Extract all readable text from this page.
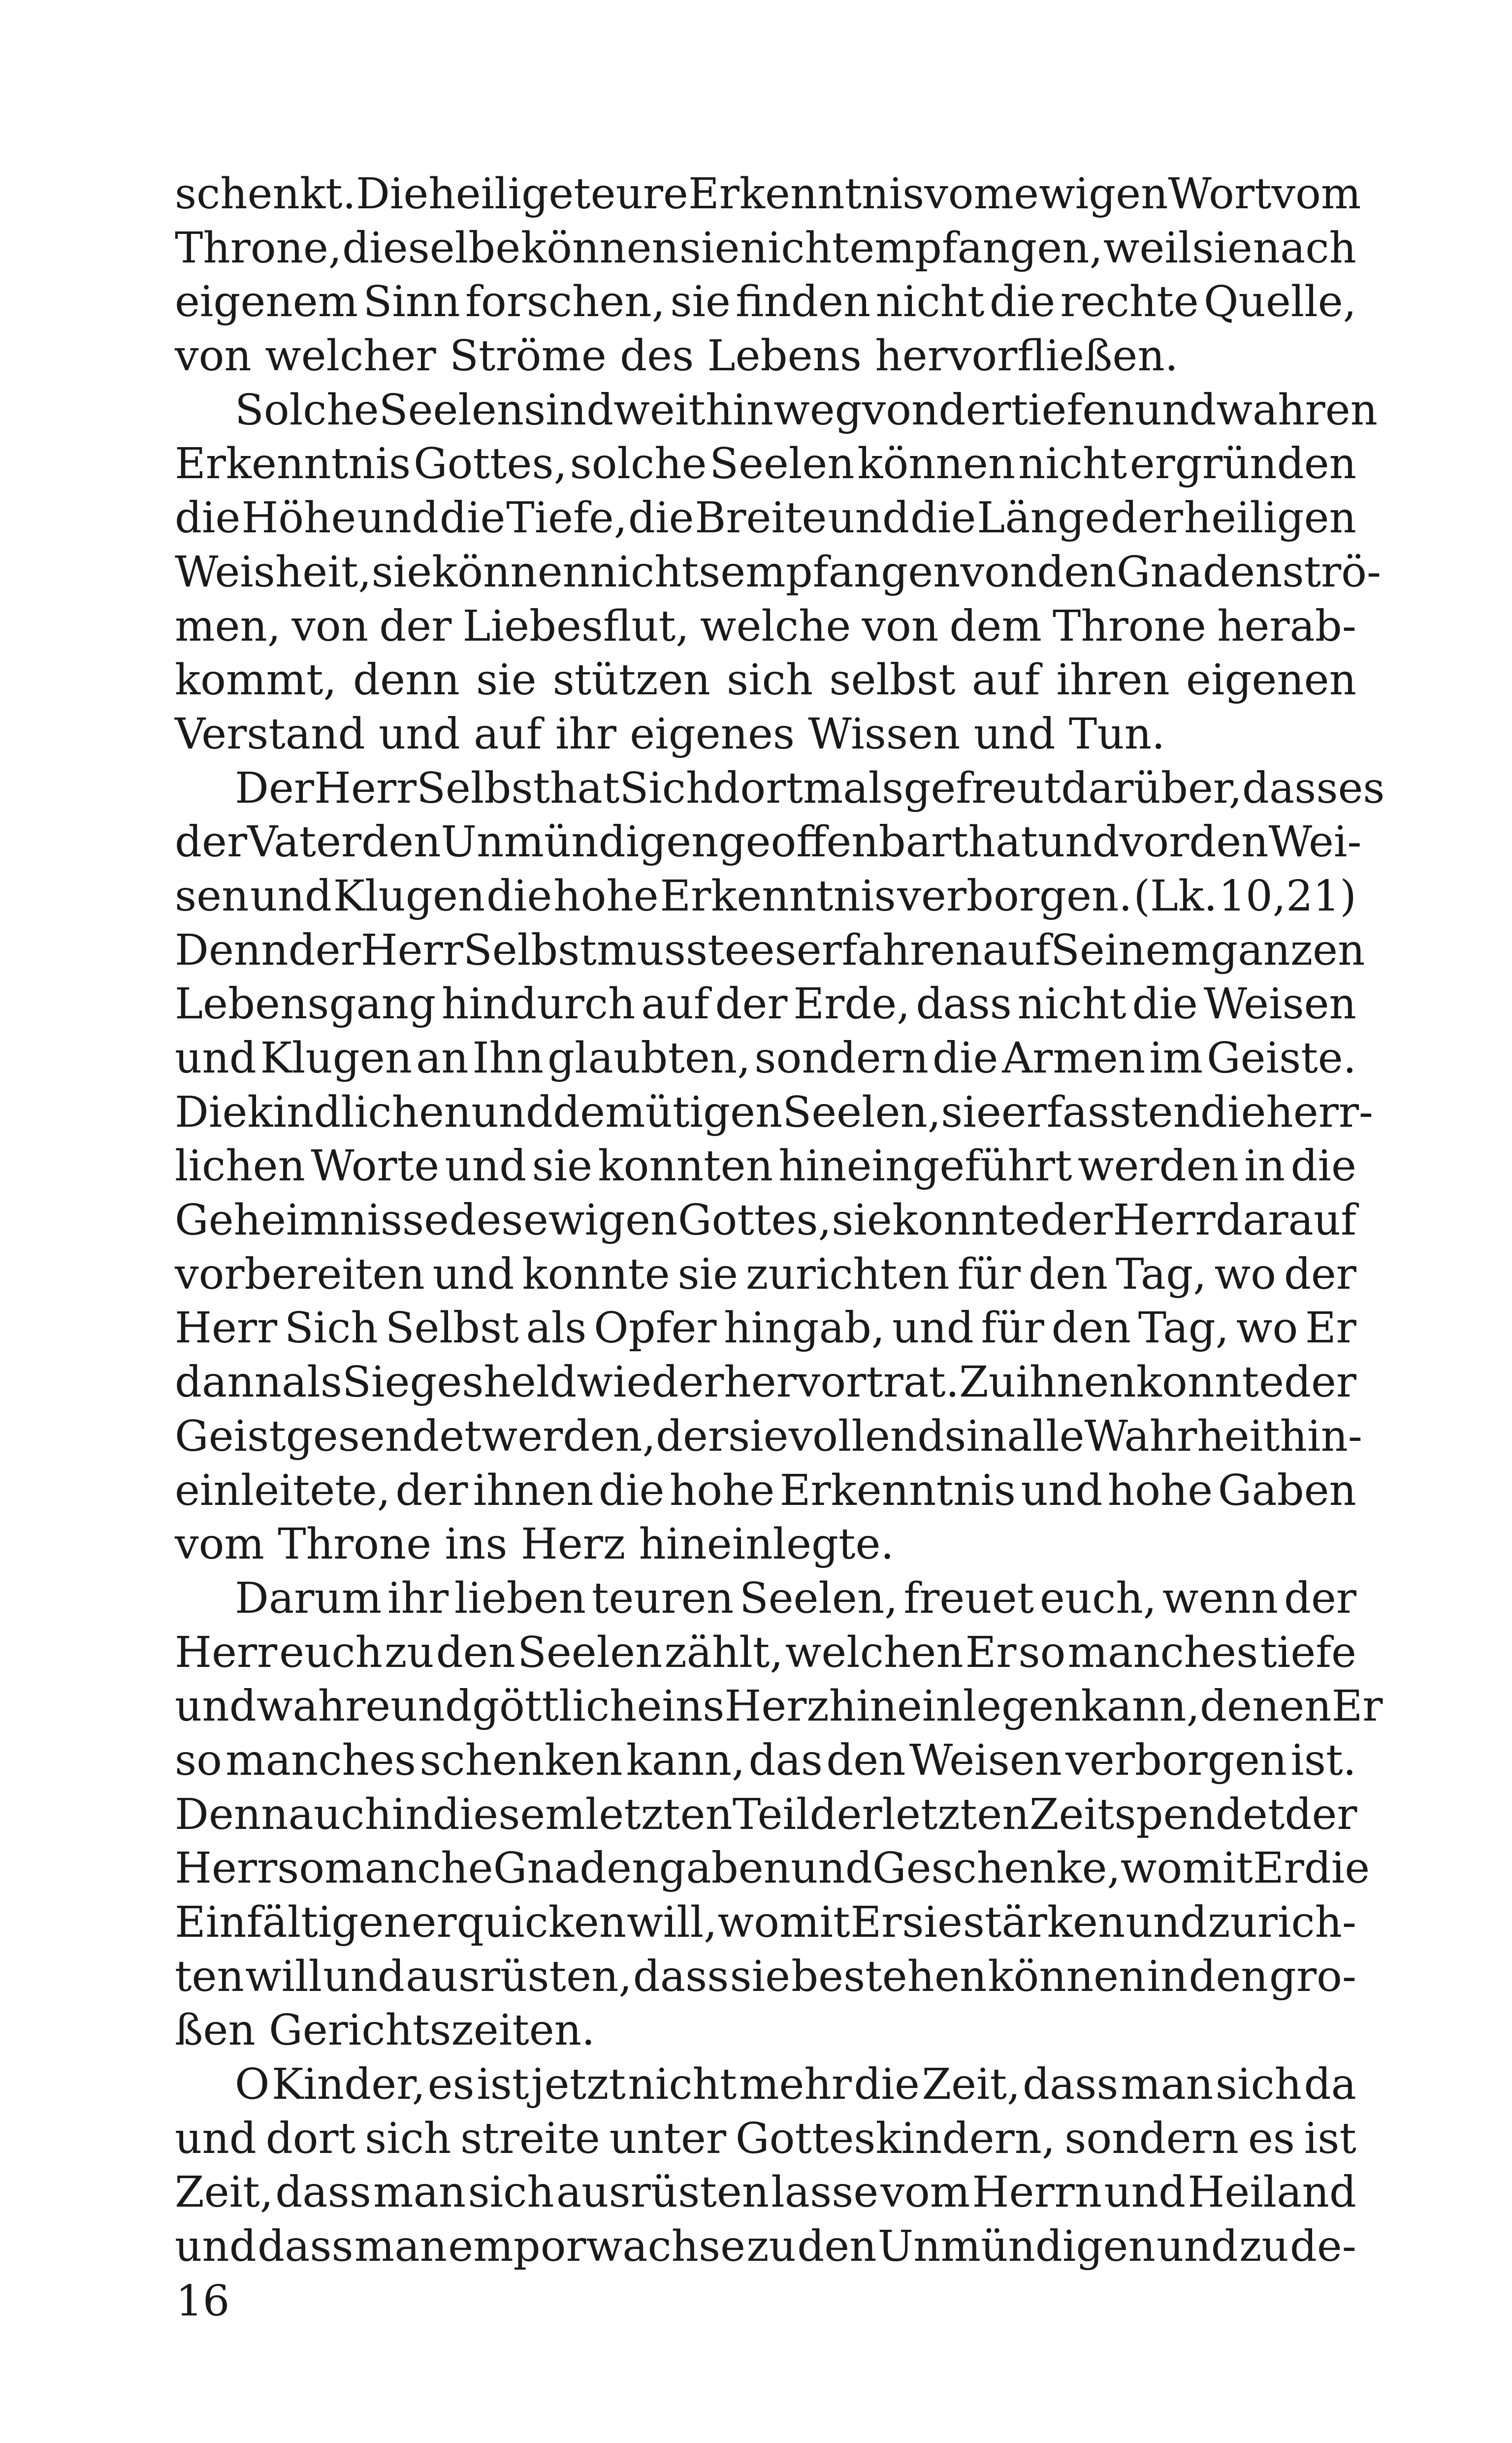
schenkt. Die heilige teure Erkenntnis vom ewigen Wort vom
Throne, dieselbe können sie nicht empfangen, weil sie nach
eigenem Sinn forschen, sie finden nicht die rechte Quelle,
von welcher Ströme des Lebens hervorfließen.
Solche Seelen sind weit hinweg von der tiefen und wahren
Erkenntnis Gottes, solche Seelen können nicht ergründen
die Höhe und die Tiefe, die Breite und die Länge der heiligen
Weisheit, sie können nichts empfangen von den Gnadenströ-
men, von der Liebesflut, welche von dem Throne herab-
kommt, denn sie stützen sich selbst auf ihren eigenen
Verstand und auf ihr eigenes Wissen und Tun.
Der Herr Selbst hat Sich dortmals gefreut darüber, dass es
der Vater den Unmündigen geoffenbart hat und vor den Wei-
sen und Klugen die hohe Erkenntnis verborgen. (Lk. 10,21)
Denn der Herr Selbst musste es erfahren auf Seinem ganzen
Lebensgang hindurch auf der Erde, dass nicht die Weisen
und Klugen an Ihn glaubten, sondern die Armen im Geiste.
Die kindlichen und demütigen Seelen, sie erfassten die herr-
lichen Worte und sie konnten hineingeführt werden in die
Geheimnisse des ewigen Gottes, sie konnte der Herr darauf
vorbereiten und konnte sie zurichten für den Tag, wo der
Herr Sich Selbst als Opfer hingab, und für den Tag, wo Er
dann als Siegesheld wieder hervortrat. Zu ihnen konnte der
Geist gesendet werden, der sie vollends in alle Wahrheit hin-
einleitete, der ihnen die hohe Erkenntnis und hohe Gaben
vom Throne ins Herz hineinlegte.
Darum ihr lieben teuren Seelen, freuet euch, wenn der
Herr euch zu den Seelen zählt, welchen Er so manches tiefe
und wahre und göttliche ins Herz hineinlegen kann, denen Er
so manches schenken kann, das den Weisen verborgen ist.
Denn auch in diesem letzten Teil der letzten Zeit spendet der
Herr so manche Gnadengaben und Geschenke, womit Er die
Einfältigen erquicken will, womit Er sie stärken und zurich-
ten will und ausrüsten, dass sie bestehen können in den gro-
ßen Gerichtszeiten.
O Kinder, es ist jetzt nicht mehr die Zeit, dass man sich da
und dort sich streite unter Gotteskindern, sondern es ist
Zeit, dass man sich ausrüsten lasse vom Herrn und Heiland
und dass man emporwachse zu den Unmündigen und zu de-
16
